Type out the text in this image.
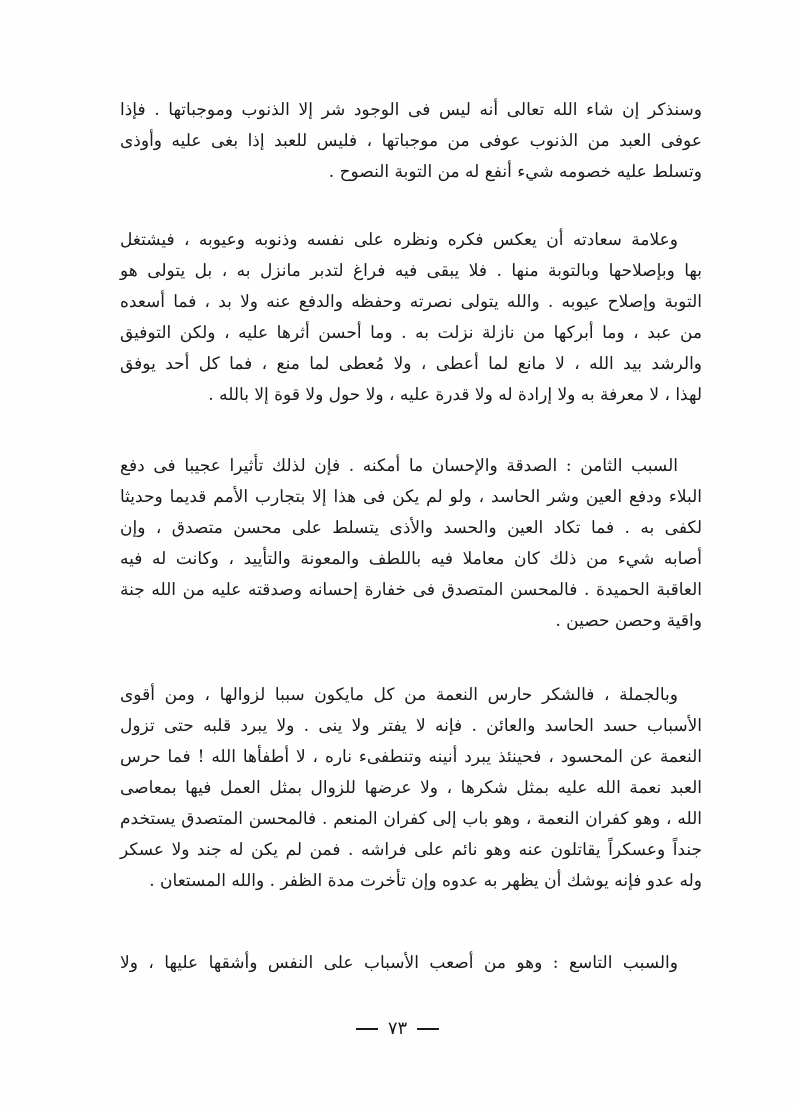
وسنذكر إن شاء الله تعالى أنه ليس فى الوجود شر إلا الذنوب وموجباتها . فإذا
عوفى العبد من الذنوب عوفى من موجباتها ، فليس للعبد إذا بغى عليه وأوذى
وتسلط عليه خصومه شيء أنفع له من التوبة النصوح .
وعلامة سعادته أن يعكس فكره ونظره على نفسه وذنوبه وعيوبه ، فيشتغل
بها وبإصلاحها وبالتوبة منها . فلا يبقى فيه فراغ لتدبر مانزل به ، بل يتولى هو
التوبة وإصلاح عيوبه . والله يتولى نصرته وحفظه والدفع عنه ولا بد ، فما أسعده
من عبد ، وما أبركها من نازلة نزلت به . وما أحسن أثرها عليه ، ولكن التوفيق
والرشد بيد الله ، لا مانع لما أعطى ، ولا مُعطى لما منع ، فما كل أحد يوفق
لهذا ، لا معرفة به ولا إرادة له ولا قدرة عليه ، ولا حول ولا قوة إلا بالله .
السبب الثامن : الصدقة والإحسان ما أمكنه . فإن لذلك تأثيرا عجيبا فى دفع
البلاء ودفع العين وشر الحاسد ، ولو لم يكن فى هذا إلا بتجارب الأمم قديما وحديثا
لكفى به . فما تكاد العين والحسد والأذى يتسلط على محسن متصدق ، وإن
أصابه شيء من ذلك كان معاملا فيه باللطف والمعونة والتأييد ، وكانت له فيه
العاقبة الحميدة . فالمحسن المتصدق فى خفارة إحسانه وصدقته عليه من الله جنة
واقية وحصن حصين .
وبالجملة ، فالشكر حارس النعمة من كل مايكون سببا لزوالها ، ومن أقوى
الأسباب حسد الحاسد والعائن . فإنه لا يفتر ولا ينى . ولا يبرد قلبه حتى تزول
النعمة عن المحسود ، فحينئذ يبرد أنينه وتنطفىء ناره ، لا أطفأها الله ! فما حرس
العبد نعمة الله عليه بمثل شكرها ، ولا عرضها للزوال بمثل العمل فيها بمعاصى
الله ، وهو كفران النعمة ، وهو باب إلى كفران المنعم . فالمحسن المتصدق يستخدم
جنداً وعسكراً يقاتلون عنه وهو نائم على فراشه . فمن لم يكن له جند ولا عسكر
وله عدو فإنه يوشك أن يظهر به عدوه وإن تأخرت مدة الظفر . والله المستعان .
والسبب التاسع : وهو من أصعب الأسباب على النفس وأشقها عليها ، ولا
٧٣
